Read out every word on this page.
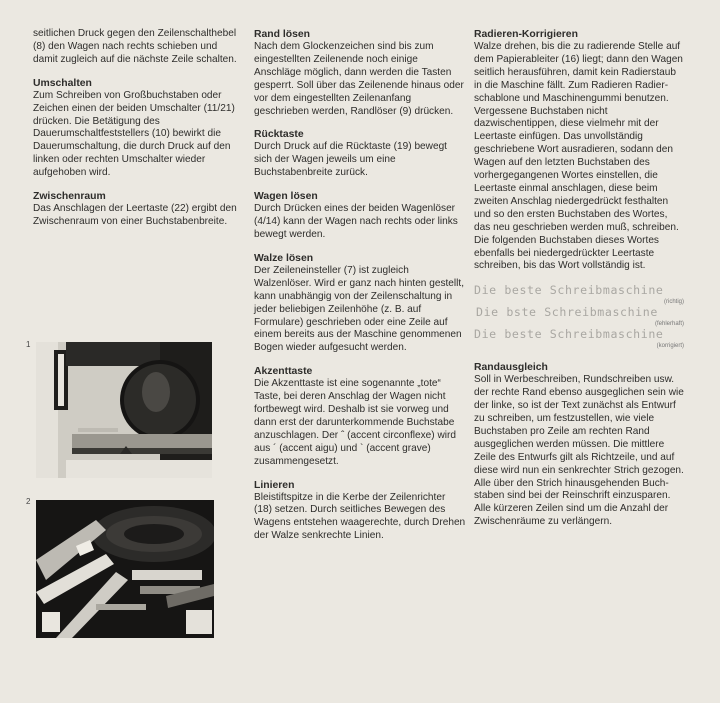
seitlichen Druck gegen den Zeilenschalthebel (8) den Wagen nach rechts schieben und damit zugleich auf die nächste Zeile schalten.

Umschalten

Zum Schreiben von Großbuchstaben oder Zeichen einen der beiden Umschalter (11/21) drücken. Die Betätigung des Dauerumschaltfeststellers (10) bewirkt die Dauerumschaltung, die durch Druck auf den linken oder rechten Umschalter wieder aufgehoben wird.

Zwischenraum

Das Anschlagen der Leertaste (22) ergibt den Zwischenraum von einer Buchstabenbreite.

1
2
Rand lösen

Nach dem Glockenzeichen sind bis zum eingestellten Zeilenende noch einige Anschläge möglich, dann werden die Tasten gesperrt. Soll über das Zeilenende hinaus oder vor dem eingestellten Zeilenanfang geschrieben werden, Randlöser (9) drücken.

Rücktaste

Durch Druck auf die Rücktaste (19) bewegt sich der Wagen jeweils um eine Buchstabenbreite zurück.

Wagen lösen

Durch Drücken eines der beiden Wagenlöser (4/14) kann der Wagen nach rechts oder links bewegt werden.

Walze lösen

Der Zeileneinsteller (7) ist zugleich Walzenlöser. Wird er ganz nach hinten gestellt, kann unabhängig von der Zeilenschaltung in jeder beliebigen Zeilenhöhe (z. B. auf Formulare) geschrieben oder eine Zeile auf einem bereits aus der Maschine genommenen Bogen wieder aufgesucht werden.

Akzenttaste

Die Akzenttaste ist eine sogenannte „tote“ Taste, bei deren Anschlag der Wagen nicht fortbewegt wird. Deshalb ist sie vorweg und dann erst der darunterkommende Buchstabe anzuschlagen. Der ˆ (accent circonflexe) wird aus ´ (accent aigu) und ` (accent grave) zusammengesetzt.

Linieren

Bleistiftspitze in die Kerbe der Zeilenrichter (18) setzen. Durch seitliches Bewegen des Wagens entstehen waagerechte, durch Drehen der Walze senkrechte Linien.

Radieren-Korrigieren

Walze drehen, bis die zu radierende Stelle auf dem Papierableiter (16) liegt; dann den Wagen seitlich herausführen, damit kein Radierstaub in die Maschine fällt. Zum Radieren Radierschablone und Maschinengummi benutzen. Vergessene Buchstaben nicht dazwischentippen, diese vielmehr mit der Leertaste einfügen. Das unvollständig geschriebene Wort ausradieren, sodann den Wagen auf den letzten Buchstaben des vorhergegangenen Wortes einstellen, die Leertaste einmal anschlagen, diese beim zweiten Anschlag niedergedrückt festhalten und so den ersten Buchstaben des Wortes, das neu geschrieben werden muß, schreiben. Die folgenden Buchstaben dieses Wortes ebenfalls bei niedergedrückter Leertaste schreiben, bis das Wort vollständig ist.

Die beste Schreibmaschine
(richtig)
Die bste Schreibmaschine
(fehlerhaft)
Die beste Schreibmaschine
(korrigiert)
Randausgleich

Soll in Werbeschreiben, Rundschreiben usw. der rechte Rand ebenso ausgeglichen sein wie der linke, so ist der Text zunächst als Entwurf zu schreiben, um festzustellen, wie viele Buchstaben pro Zeile am rechten Rand ausgeglichen werden müssen. Die mittlere Zeile des Entwurfs gilt als Richtzeile, und auf diese wird nun ein senkrechter Strich gezogen. Alle über den Strich hinausgehenden Buchstaben sind bei der Reinschrift einzusparen. Alle kürzeren Zeilen sind um die Anzahl der Zwischenräume zu verlängern.
